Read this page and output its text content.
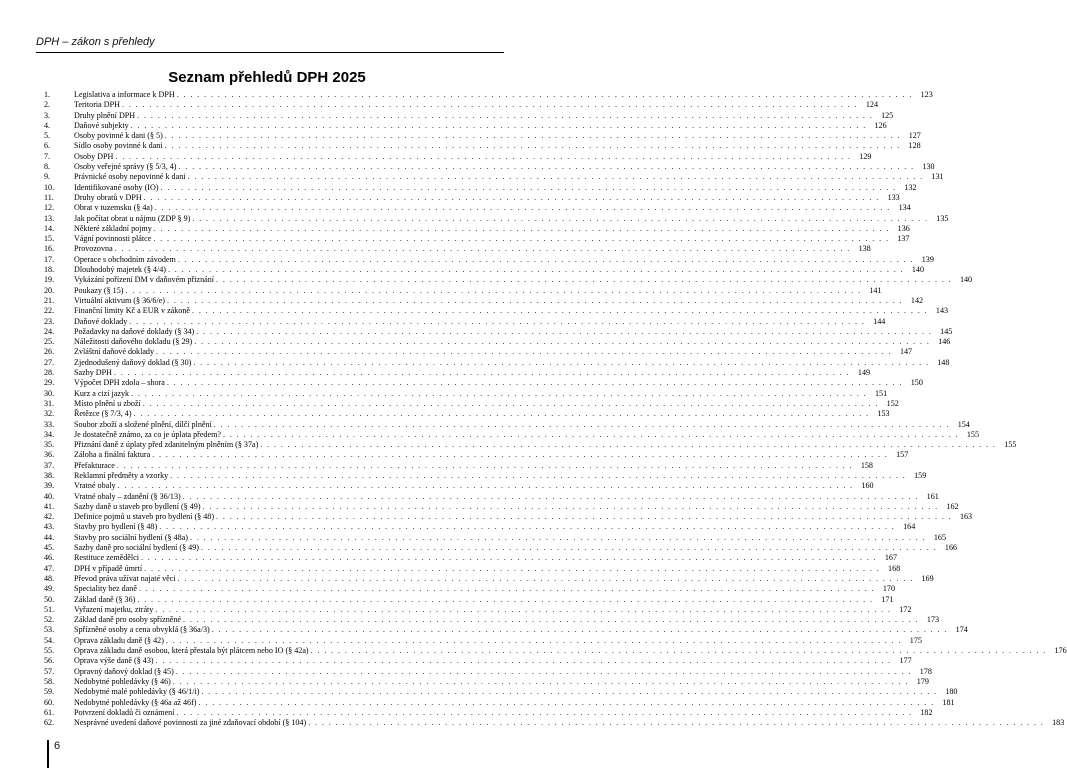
DPH – zákon s přehledy
Seznam přehledů DPH 2025
1.	Legislativa a informace k DPH . . .	123
2.	Teritoria DPH . . .	124
3.	Druhy plnění DPH . . .	125
4.	Daňové subjekty . . .	126
5.	Osoby povinné k dani (§ 5) . . .	127
6.	Sídlo osoby povinné k dani . . .	128
7.	Osoby DPH . . .	129
8.	Osoby veřejné správy (§ 5/3, 4) . . .	130
9.	Právnické osoby nepovinné k dani . . .	131
10.	Identifikované osoby (IO) . . .	132
11.	Druhy obratů v DPH . . .	133
12.	Obrat v tuzemsku (§ 4a) . . .	134
13.	Jak počítat obrat u nájmu (ZDP § 9) . . .	135
14.	Některé základní pojmy . . .	136
15.	Vágní povinnosti plátce . . .	137
16.	Provozovna . . .	138
17.	Operace s obchodním závodem . . .	139
18.	Dlouhodobý majetek (§ 4/4) . . .	140
19.	Vykázání pořízení DM v daňovém přiznání . . .	140
20.	Poukazy (§ 15) . . .	141
21.	Virtuální aktivum (§ 36/6/e) . . .	142
22.	Finanční limity Kč a EUR v zákoně . . .	143
23.	Daňové doklady . . .	144
24.	Požadavky na daňové doklady (§ 34) . . .	145
25.	Náležitosti daňového dokladu (§ 29) . . .	146
26.	Zvláštní daňové doklady . . .	147
27.	Zjednodušený daňový doklad (§ 30) . . .	148
28.	Sazby DPH . . .	149
29.	Výpočet DPH zdola – shora . . .	150
30.	Kurz a cizí jazyk . . .	151
31.	Místo plnění u zboží . . .	152
32.	Řetězce (§ 7/3, 4) . . .	153
33.	Soubor zboží a složené plnění, dílčí plnění . . .	154
34.	Je dostatečně známo, za co je úplata předem? . . .	155
35.	Přiznání daně z úplaty před zdanitelným plněním (§ 37a) . . .	155
36.	Záloha a finální faktura . . .	157
37.	Přefakturace . . .	158
38.	Reklamní předměty a vzorky . . .	159
39.	Vratné obaly . . .	160
40.	Vratné obaly – zdanění (§ 36/13) . . .	161
41.	Sazby daně u staveb pro bydlení (§ 49) . . .	162
42.	Definice pojmů u staveb pro bydlení (§ 48) . . .	163
43.	Stavby pro bydlení (§ 48) . . .	164
44.	Stavby pro sociální bydlení (§ 48a) . . .	165
45.	Sazby daně pro sociální bydlení (§ 49) . . .	166
46.	Restituce zemědělci . . .	167
47.	DPH v případě úmrtí . . .	168
48.	Převod práva užívat najaté věci . . .	169
49.	Speciality bez daně . . .	170
50.	Základ daně (§ 36) . . .	171
51.	Vyřazení majetku, ztráty . . .	172
52.	Základ daně pro osoby spřízněné . . .	173
53.	Spřízněné osoby a cena obvyklá (§ 36a/3) . . .	174
54.	Oprava základu daně (§ 42) . . .	175
55.	Oprava základu daně osobou, která přestala být plátcem nebo IO (§ 42a) . . .	176
56.	Oprava výše daně (§ 43) . . .	177
57.	Opravný daňový doklad (§ 45) . . .	178
58.	Nedobytné pohledávky (§ 46) . . .	179
59.	Nedobytné malé pohledávky (§ 46/1/i) . . .	180
60.	Nedobytné pohledávky (§ 46a až 46f) . . .	181
61.	Potvrzení dokladů či oznámení . . .	182
62.	Nesprávné uvedení daňové povinnosti za jiné zdaňovací období (§ 104) . . .	183
6
